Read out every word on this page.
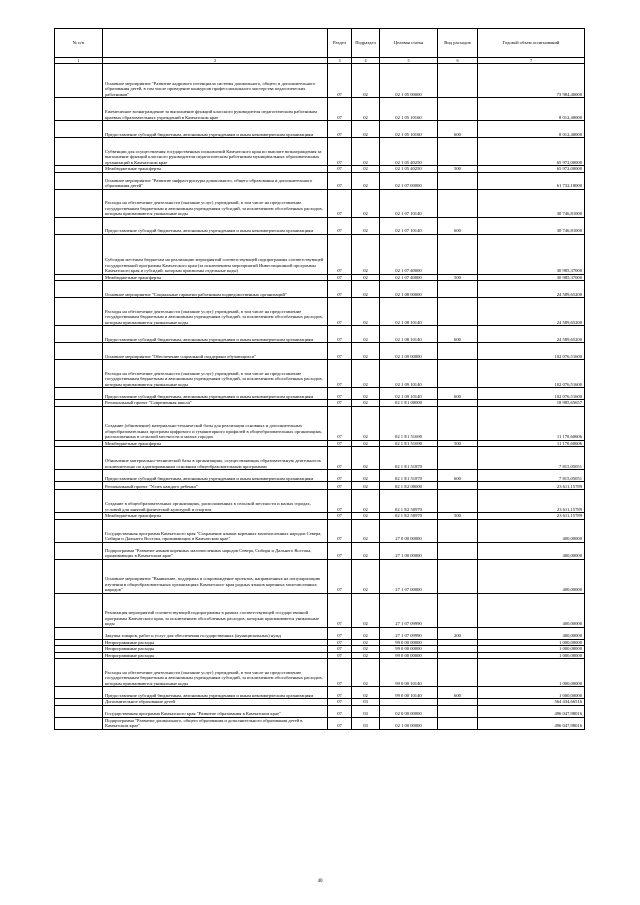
№ п/п		Раздел	Подраздел	Целевая статья	Вид расходов	Годовой объем ассигнований
1	2	3	4	5	6	7
	Основное мероприятие "Развитие кадрового потенциала системы дошкольного, общего и дополнительного образования детей, в том числе проведение конкурсов профессионального мастерства педагогических работников"	07	02	02 1 05 00000		73 984,40000
	Ежемесячное вознаграждение за выполнение функций классного руководителя педагогическим работникам краевых образовательных учреждений в Камчатском крае	07	02	02 1 05 10160		8 012,40000
	Предоставление субсидий бюджетным, автономным учреждениям и иным некоммерческим организациям	07	02	02 1 05 10160	600	8 012,40000
	Субвенции для осуществления государственных полномочий Камчатского края по выплате вознаграждения за выполнение функций классного руководителя педагогическим работникам муниципальных образовательных организаций в Камчатском крае	07	02	02 1 05 40250		65 972,00000
	Межбюджетные трансферты	07	02	02 1 05 40250	500	65 972,00000
	Основное мероприятие "Развитие инфраструктуры дошкольного, общего образования и дополнительного образования детей"	07	02	02 1 07 00000		61 732,18000
	Расходы на обеспечение деятельности (оказание услуг) учреждений, в том числе на предоставление государственным бюджетным и автономным учреждениям субсидий, за исключением обособленных расходов, которым присваиваются уникальные коды	07	02	02 1 07 10140		30 746,81000
	Предоставление субсидий бюджетным, автономным учреждениям и иным некоммерческим организациям	07	02	02 1 07 10140	600	30 746,81000
	Субсидии местным бюджетам на реализацию мероприятий соответствующей подпрограммы соответствующей государственной программы Камчатского края (за исключением мероприятий Инвестиционной программы Камчатского края и субсидий, которым присвоены отдельные коды)	07	02	02 1 07 40000		30 985,37000
	Межбюджетные трансферты	07	02	02 1 07 40000	500	30 985,37000
	Основное мероприятие "Социальные гарантии работникам подведомственных организаций"	07	02	02 1 08 00000		24 589,65200
	Расходы на обеспечение деятельности (оказание услуг) учреждений, в том числе на предоставление государственным бюджетным и автономным учреждениям субсидий, за исключением обособленных расходов, которым присваиваются уникальные коды	07	02	02 1 08 10140		24 589,65200
	Предоставление субсидий бюджетным, автономным учреждениям и иным некоммерческим организациям	07	02	02 1 08 10140	600	24 589,65200
	Основное мероприятие "Обеспечение социальной поддержки обучающихся"	07	02	02 1 09 00000		102 076,51600
	Расходы на обеспечение деятельности (оказание услуг) учреждений, в том числе на предоставление государственным бюджетным и автономным учреждениям субсидий, за исключением обособленных расходов, которым присваиваются уникальные коды	07	02	02 1 09 10140		102 076,51600
	Предоставление субсидий бюджетным, автономным учреждениям и иным некоммерческим организациям	07	02	02 1 09 10140	600	102 076,51600
	Региональный проект "Современная школа"	07	02	02 1 Е1 00000		18 985,65657
	Создание (обновление) материально-технической базы для реализации основных и дополнительных общеобразовательных программ цифрового и гуманитарного профилей в общеобразовательных организациях, расположенных в сельской местности и малых городах	07	02	02 1 Е1 51690		11 170,60606
	Межбюджетные трансферты	07	02	02 1 Е1 51690	500	11 170,60606
	Обновление материально-технической базы в организациях, осуществляющих образовательную деятельность исключительно по адаптированным основным общеобразовательным программам	07	02	02 1 Е1 51870		7 815,05051
	Предоставление субсидий бюджетным, автономным учреждениям и иным некоммерческим организациям	07	02	02 1 Е1 51870	600	7 815,05051
	Региональный проект "Успех каждого ребенка"	07	02	02 1 Е2 00000		23 611,15789
	Создание в общеобразовательных организациях, расположенных в сельской местности и малых городах, условий для занятий физической культурой и спортом	07	02	02 1 Е2 50970		23 611,15789
	Межбюджетные трансферты	07	02	02 1 Е2 50970	500	23 611,15789
	Государственная программа Камчатского края "Сохранение языков коренных малочисленных народов Севера, Сибири и Дальнего Востока, проживающих в Камчатском крае"	07	02	27 0 00 00000		400,00000
	Подпрограмма "Развитие языков коренных малочисленных народов Севера, Сибири и Дальнего Востока, проживающих в Камчатском крае"	07	02	27 1 00 00000		400,00000
	Основное мероприятие "Выявление, поддержка и сопровождение проектов, направленных на популяризацию изучения в общеобразовательных организациях Камчатского края родных языков коренных малочисленных народов"	07	02	27 1 07 00000		400,00000
	Реализация мероприятий соответствующей подпрограммы в рамках соответствующей государственной программы Камчатского края, за исключением обособленных расходов, которым присваиваются уникальные коды	07	02	27 1 07 09990		400,00000
	Закупка товаров, работ и услуг для обеспечения государственных (муниципальных) нужд	07	02	27 1 07 09990	200	400,00000
	Непрограммные расходы	07	02	99 0 00 00000		1 000,00000
	Непрограммные расходы	07	02	99 0 00 00000		1 000,00000
	Непрограммные расходы	07	02	99 0 00 00000		1 000,00000
	Расходы на обеспечение деятельности (оказание услуг) учреждений, в том числе на предоставление государственным бюджетным и автономным учреждениям субсидий, за исключением обособленных расходов, которым присваиваются уникальные коды	07	02	99 0 00 10140		1 000,00000
	Предоставление субсидий бюджетным, автономным учреждениям и иным некоммерческим организациям	07	02	99 0 00 10140	600	1 000,00000
	Дополнительное образование детей	07	03			564 434,66516
	Государственная программа Камчатского края "Развитие образования в Камчатском крае"	07	03	02 0 00 00000		496 047,98016
	Подпрограмма "Развитие дошкольного, общего образования и дополнительного образования детей в Камчатском крае"	07	03	02 1 00 00000		496 047,98016
40
